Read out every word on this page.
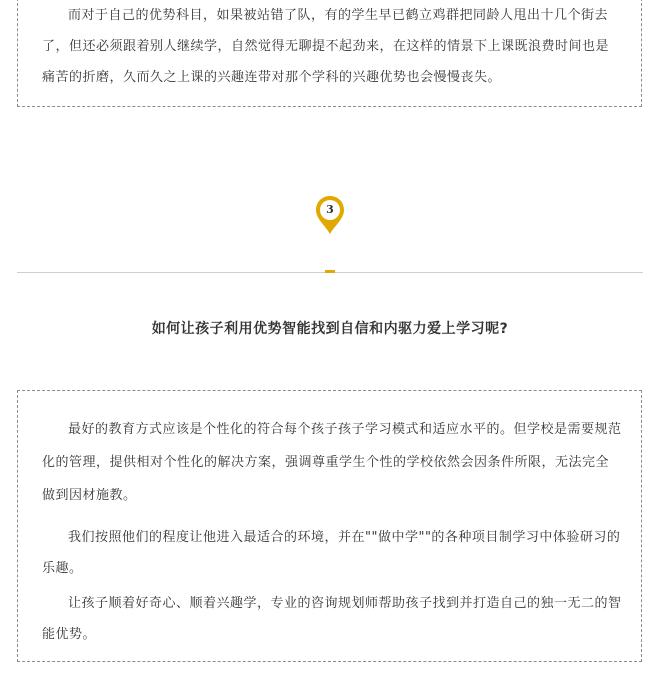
而对于自己的优势科目，如果被站错了队，有的学生早已鹤立鸡群把同龄人甩出十几个街去了，但还必须跟着别人继续学，自然觉得无聊提不起劲来，在这样的情景下上课既浪费时间也是痛苦的折磨，久而久之上课的兴趣连带对那个学科的兴趣优势也会慢慢丧失。

3
如何让孩子利用优势智能找到自信和内驱力爱上学习呢?

最好的教育方式应该是个性化的符合每个孩子孩子学习模式和适应水平的。但学校是需要规范化的管理，提供相对个性化的解决方案，强调尊重学生个性的学校依然会因条件所限，无法完全做到因材施教。

我们按照他们的程度让他进入最适合的环境，并在""做中学""的各种项目制学习中体验研习的乐趣。

让孩子顺着好奇心、顺着兴趣学，专业的咨询规划师帮助孩子找到并打造自己的独一无二的智能优势。
